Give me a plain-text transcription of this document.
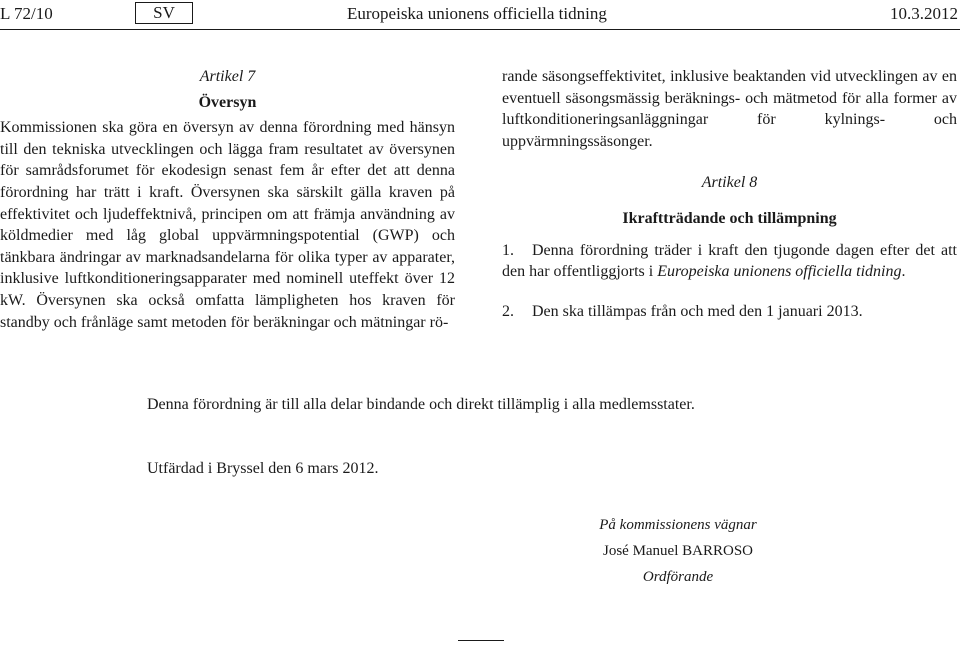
L 72/10	SV	Europeiska unionens officiella tidning	10.3.2012
Artikel 7
Översyn
Kommissionen ska göra en översyn av denna förordning med hänsyn till den tekniska utvecklingen och lägga fram resultatet av översynen för samrådsforumet för ekodesign senast fem år efter det att denna förordning har trätt i kraft. Översynen ska särskilt gälla kraven på effektivitet och ljudeffektnivå, principen om att främja användning av köldmedier med låg global uppvärmningspotential (GWP) och tänkbara ändringar av marknadsandelarna för olika typer av apparater, inklusive luftkonditioneringsapparater med nominell uteffekt över 12 kW. Översynen ska också omfatta lämpligheten hos kraven för standby och frånläge samt metoden för beräkningar och mätningar rö-
rande säsongseffektivitet, inklusive beaktanden vid utvecklingen av en eventuell säsongsmässig beräknings- och mätmetod för alla former av luftkonditioneringsanläggningar för kylnings- och uppvärmningssäsonger.
Artikel 8
Ikraftträdande och tillämpning
1. Denna förordning träder i kraft den tjugonde dagen efter det att den har offentliggjorts i Europeiska unionens officiella tidning.
2. Den ska tillämpas från och med den 1 januari 2013.
Denna förordning är till alla delar bindande och direkt tillämplig i alla medlemsstater.
Utfärdad i Bryssel den 6 mars 2012.
På kommissionens vägnar
José Manuel BARROSO
Ordförande
